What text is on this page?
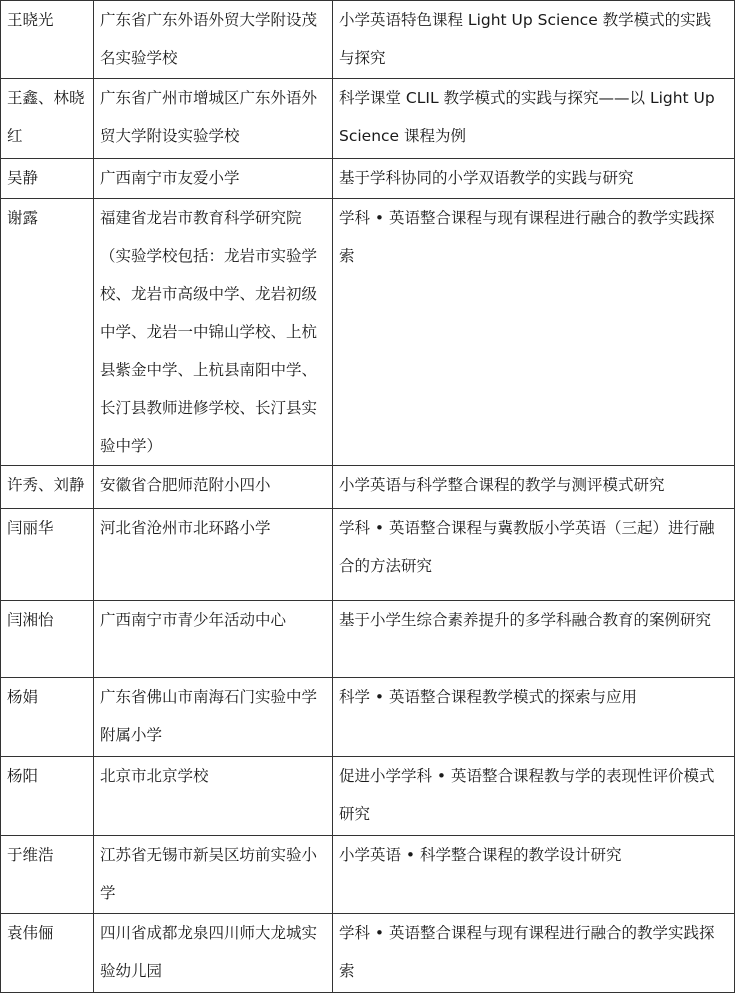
王晓光	广东省广东外语外贸大学附设茂名实验学校	小学英语特色课程 Light Up Science 教学模式的实践与探究
王鑫、林晓红	广东省广州市增城区广东外语外贸大学附设实验学校	科学课堂 CLIL 教学模式的实践与探究——以 Light Up Science 课程为例
吴静	广西南宁市友爱小学	基于学科协同的小学双语教学的实践与研究
谢露	福建省龙岩市教育科学研究院（实验学校包括：龙岩市实验学校、龙岩市高级中学、龙岩初级中学、龙岩一中锦山学校、上杭县紫金中学、上杭县南阳中学、长汀县教师进修学校、长汀县实验中学）	学科 • 英语整合课程与现有课程进行融合的教学实践探索
许秀、刘静	安徽省合肥师范附小四小	小学英语与科学整合课程的教学与测评模式研究
闫丽华	河北省沧州市北环路小学	学科 • 英语整合课程与冀教版小学英语（三起）进行融合的方法研究
闫湘怡	广西南宁市青少年活动中心	基于小学生综合素养提升的多学科融合教育的案例研究
杨娟	广东省佛山市南海石门实验中学附属小学	科学 • 英语整合课程教学模式的探索与应用
杨阳	北京市北京学校	促进小学学科 • 英语整合课程教与学的表现性评价模式研究
于维浩	江苏省无锡市新吴区坊前实验小学	小学英语 • 科学整合课程的教学设计研究
袁伟俪	四川省成都龙泉四川师大龙城实验幼儿园	学科 • 英语整合课程与现有课程进行融合的教学实践探索
